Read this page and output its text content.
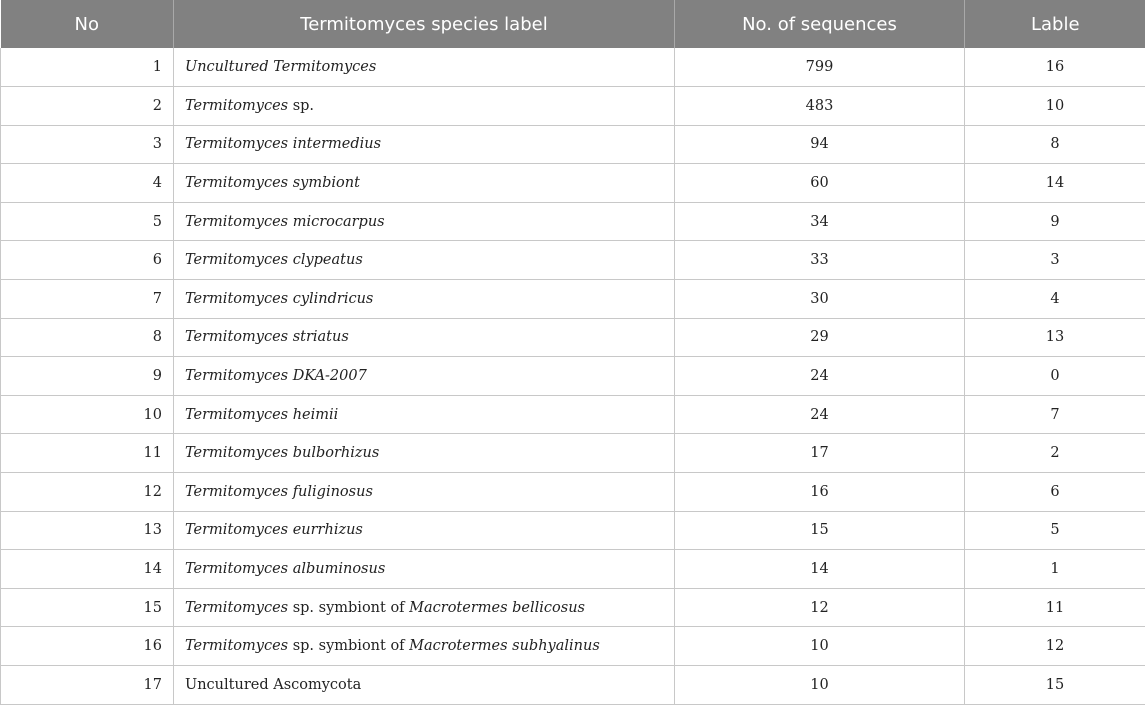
No	Termitomyces species label	No. of sequences	Lable
1	Uncultured Termitomyces	799	16
2	Termitomyces sp.	483	10
3	Termitomyces intermedius	94	8
4	Termitomyces symbiont	60	14
5	Termitomyces microcarpus	34	9
6	Termitomyces clypeatus	33	3
7	Termitomyces cylindricus	30	4
8	Termitomyces striatus	29	13
9	Termitomyces DKA-2007	24	0
10	Termitomyces heimii	24	7
11	Termitomyces bulborhizus	17	2
12	Termitomyces fuliginosus	16	6
13	Termitomyces eurrhizus	15	5
14	Termitomyces albuminosus	14	1
15	Termitomyces sp. symbiont of Macrotermes bellicosus	12	11
16	Termitomyces sp. symbiont of Macrotermes subhyalinus	10	12
17	Uncultured Ascomycota	10	15
